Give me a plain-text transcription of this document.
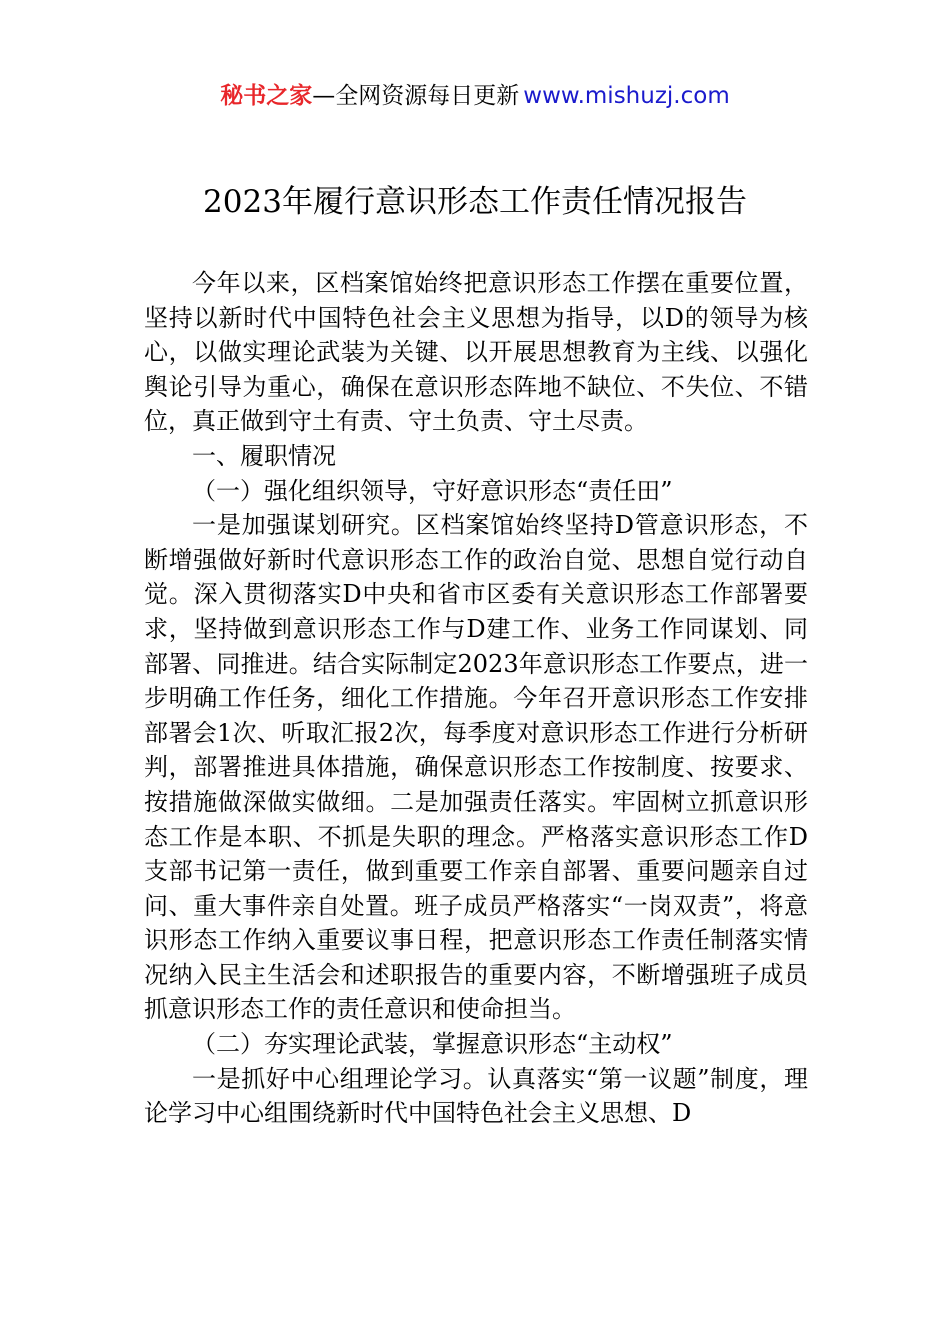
秘书之家—全网资源每日更新 www.mishuzj.com
2023年履行意识形态工作责任情况报告

今年以来，区档案馆始终把意识形态工作摆在重要位置，坚持以新时代中国特色社会主义思想为指导，以D的领导为核心，以做实理论武装为关键、以开展思想教育为主线、以强化舆论引导为重心，确保在意识形态阵地不缺位、不失位、不错位，真正做到守土有责、守土负责、守土尽责。

一、履职情况

（一）强化组织领导，守好意识形态“责任田”

一是加强谋划研究。区档案馆始终坚持D管意识形态，不断增强做好新时代意识形态工作的政治自觉、思想自觉行动自觉。深入贯彻落实D中央和省市区委有关意识形态工作部署要求，坚持做到意识形态工作与D建工作、业务工作同谋划、同部署、同推进。结合实际制定2023年意识形态工作要点，进一步明确工作任务，细化工作措施。今年召开意识形态工作安排部署会1次、听取汇报2次，每季度对意识形态工作进行分析研判，部署推进具体措施，确保意识形态工作按制度、按要求、按措施做深做实做细。二是加强责任落实。牢固树立抓意识形态工作是本职、不抓是失职的理念。严格落实意识形态工作D支部书记第一责任，做到重要工作亲自部署、重要问题亲自过问、重大事件亲自处置。班子成员严格落实“一岗双责”，将意识形态工作纳入重要议事日程，把意识形态工作责任制落实情况纳入民主生活会和述职报告的重要内容，不断增强班子成员抓意识形态工作的责任意识和使命担当。

（二）夯实理论武装，掌握意识形态“主动权”

一是抓好中心组理论学习。认真落实“第一议题”制度，理论学习中心组围绕新时代中国特色社会主义思想、D
